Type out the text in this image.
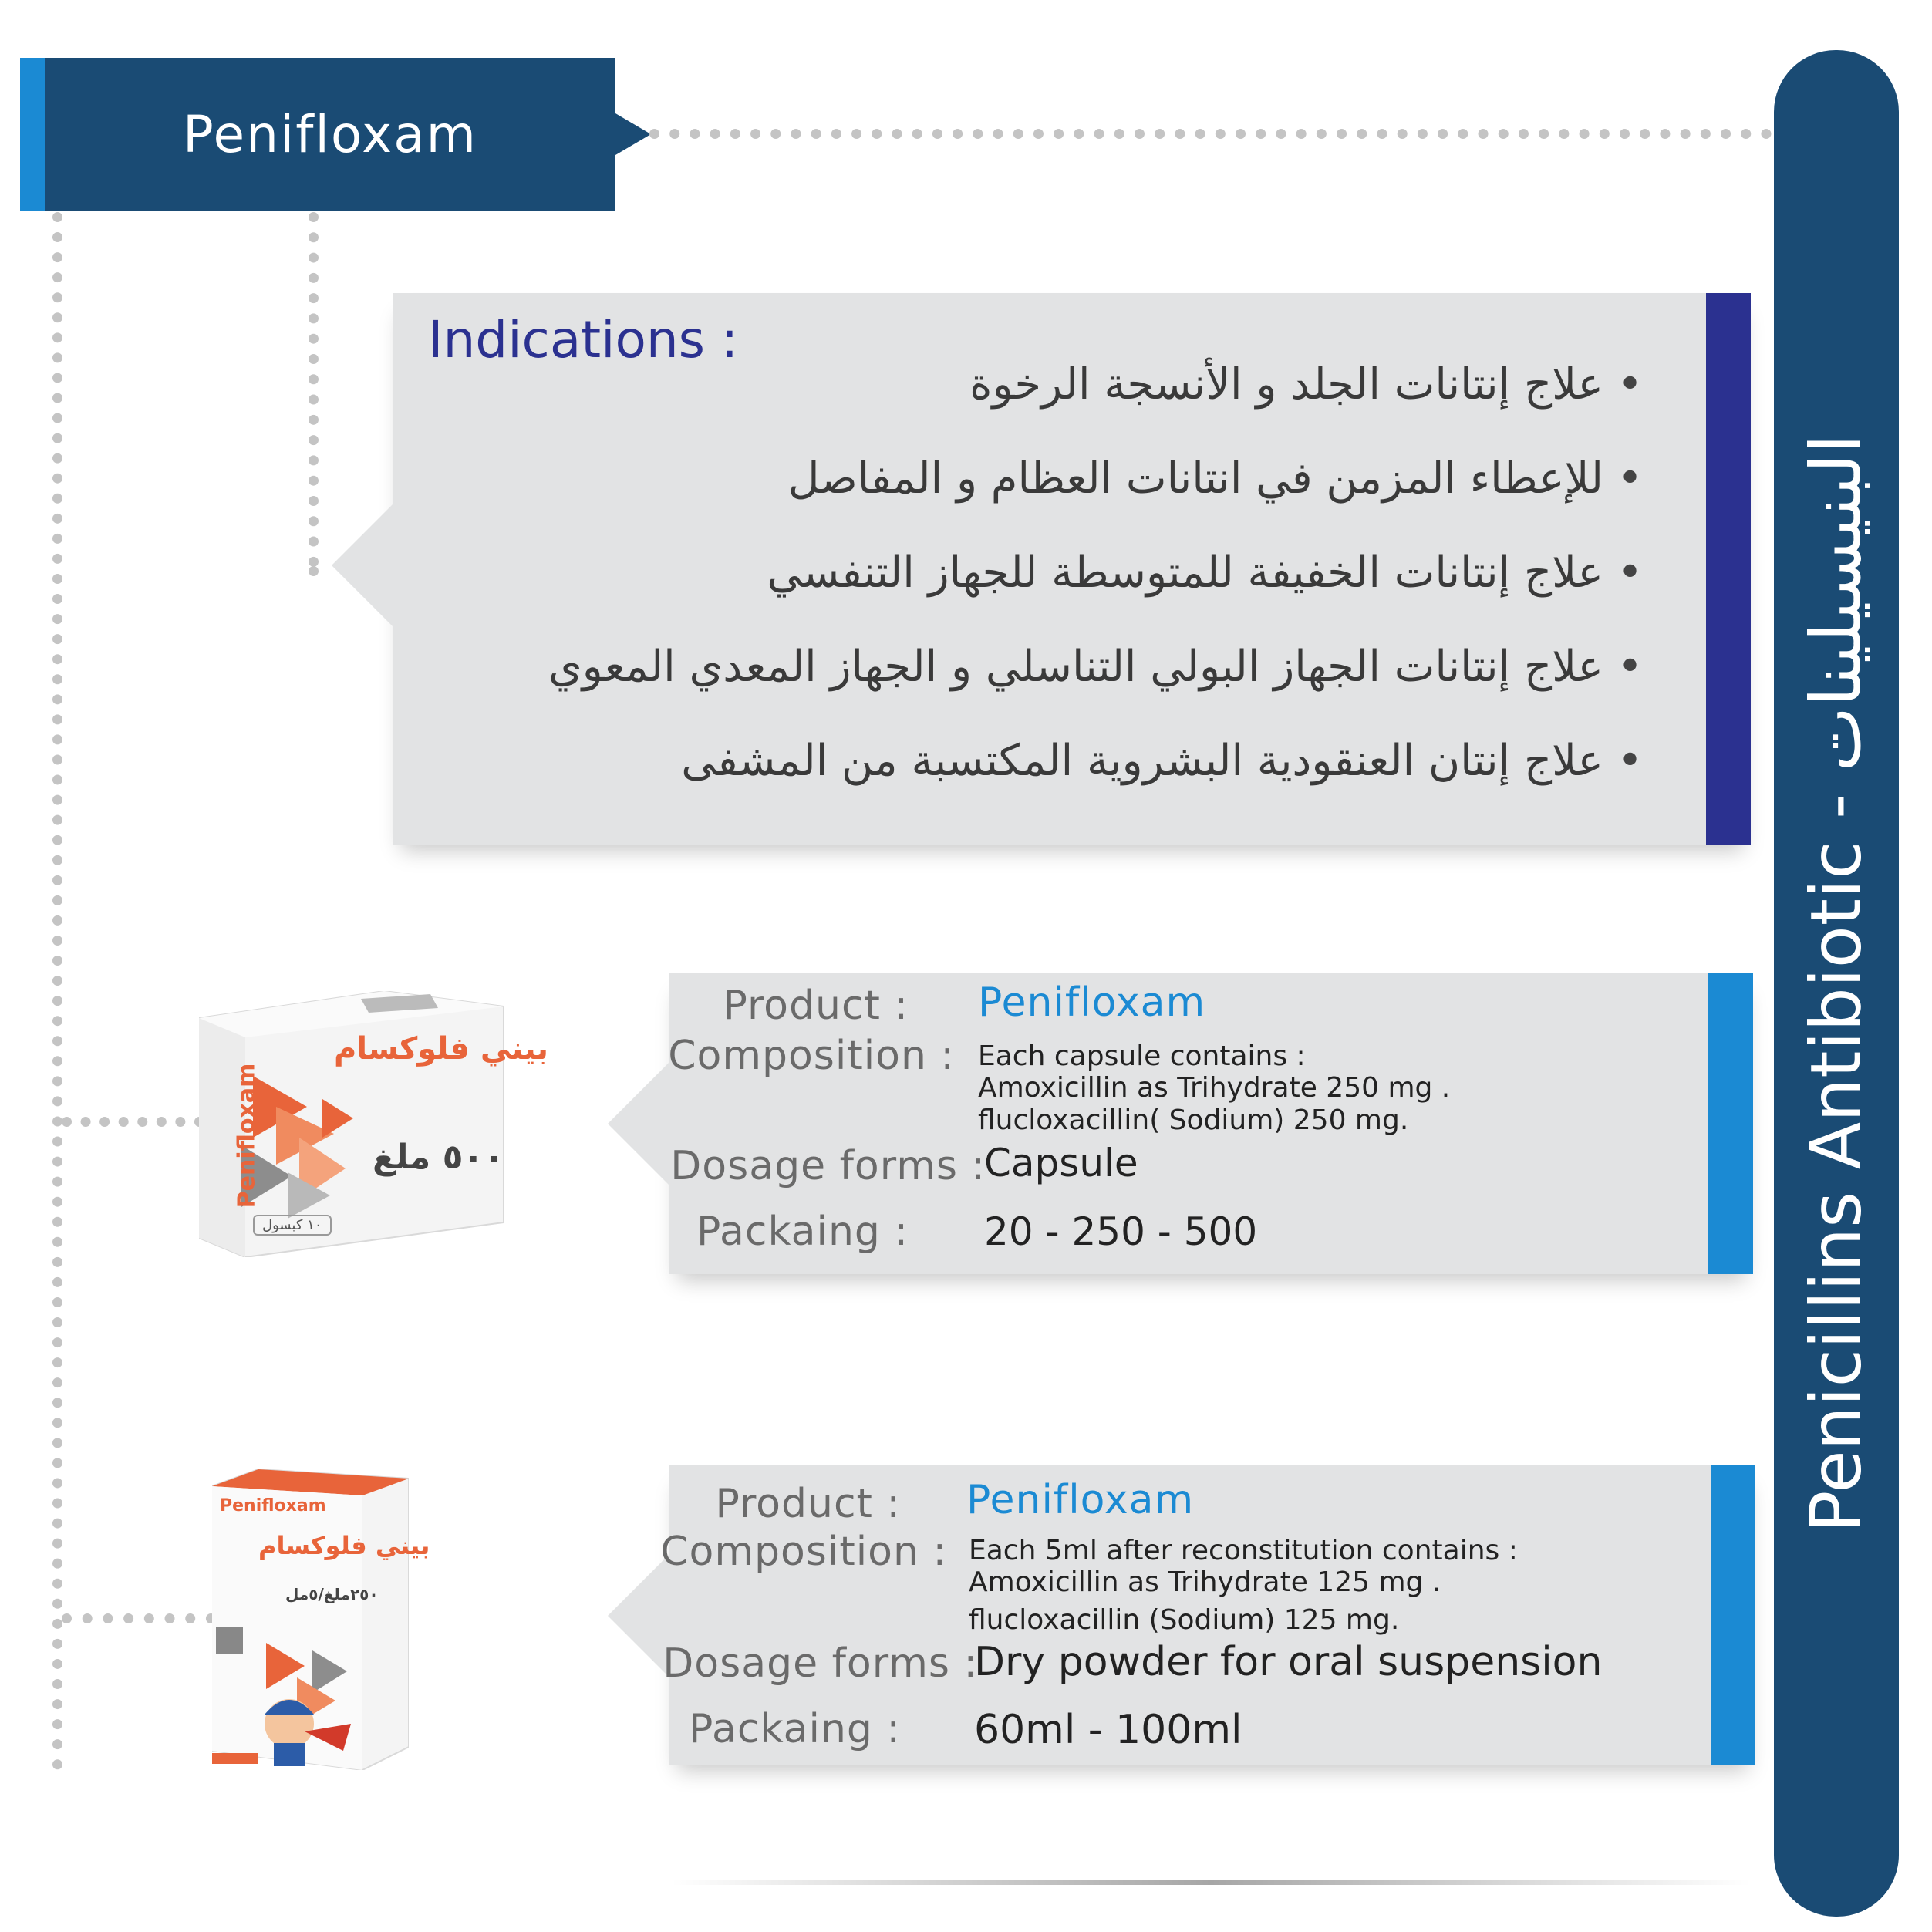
Penifloxam
Indications :
•علاج إنتانات الجلد و الأنسجة الرخوة
•للإعطاء المزمن في انتانات العظام و المفاصل
•علاج إنتانات الخفيفة للمتوسطة للجهاز التنفسي
•علاج إنتانات الجهاز البولي التناسلي و الجهاز المعدي المعوي
•علاج إنتان العنقودية البشروية المكتسبة من المشفى
بيني فلوكسام
Penifloxam	٥٠٠ ملغ
١٠ كبسول
Product : Penifloxam
Composition : Each capsule contains :
Amoxicillin as Trihydrate 250 mg .
flucloxacillin( Sodium) 250 mg.
Dosage forms :
Capsule
Packaing : 20 - 250 - 500
Penifloxam
بيني فلوكسام
٢٥٠ملغ/٥مل
Product : Penifloxam
Composition : Each 5ml after reconstitution contains :
Amoxicillin as Trihydrate 125 mg .
flucloxacillin (Sodium) 125 mg.
Dosage forms :
Dry powder for oral suspension
Packaing : 60ml - 100ml
Penicillins Antibiotic - البنيسيلينات
